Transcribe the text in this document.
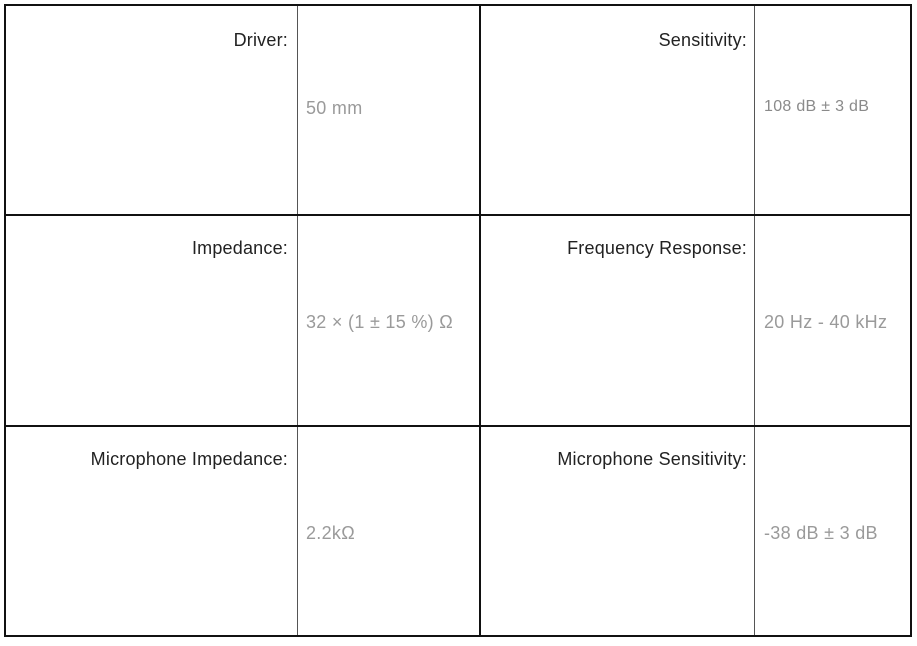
Driver:
50 mm
Sensitivity:
108 dB ± 3 dB
Impedance:
32 × (1 ± 15 %) Ω
Frequency Response:
20 Hz - 40 kHz
Microphone Impedance:
2.2kΩ
Microphone Sensitivity:
-38 dB ± 3 dB
